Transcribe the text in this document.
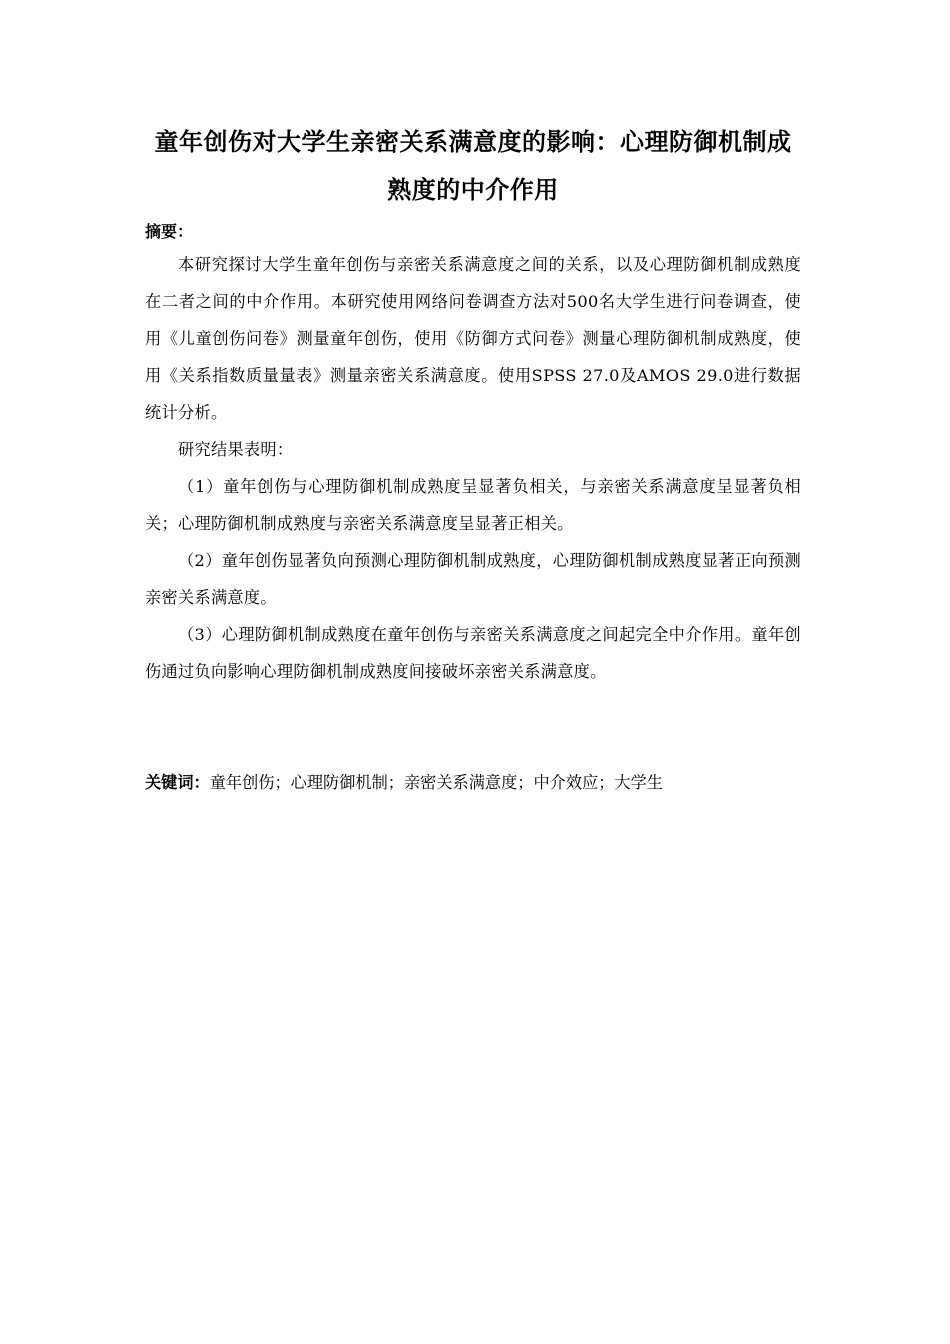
童年创伤对大学生亲密关系满意度的影响：心理防御机制成熟度的中介作用
摘要：

本研究探讨大学生童年创伤与亲密关系满意度之间的关系，以及心理防御机制成熟度在二者之间的中介作用。本研究使用网络问卷调查方法对500名大学生进行问卷调查，使用《儿童创伤问卷》测量童年创伤，使用《防御方式问卷》测量心理防御机制成熟度，使用《关系指数质量量表》测量亲密关系满意度。使用SPSS 27.0及AMOS 29.0进行数据统计分析。

研究结果表明：

（1）童年创伤与心理防御机制成熟度呈显著负相关，与亲密关系满意度呈显著负相关；心理防御机制成熟度与亲密关系满意度呈显著正相关。

（2）童年创伤显著负向预测心理防御机制成熟度，心理防御机制成熟度显著正向预测亲密关系满意度。

（3）心理防御机制成熟度在童年创伤与亲密关系满意度之间起完全中介作用。童年创伤通过负向影响心理防御机制成熟度间接破坏亲密关系满意度。

关键词：童年创伤；心理防御机制；亲密关系满意度；中介效应；大学生
